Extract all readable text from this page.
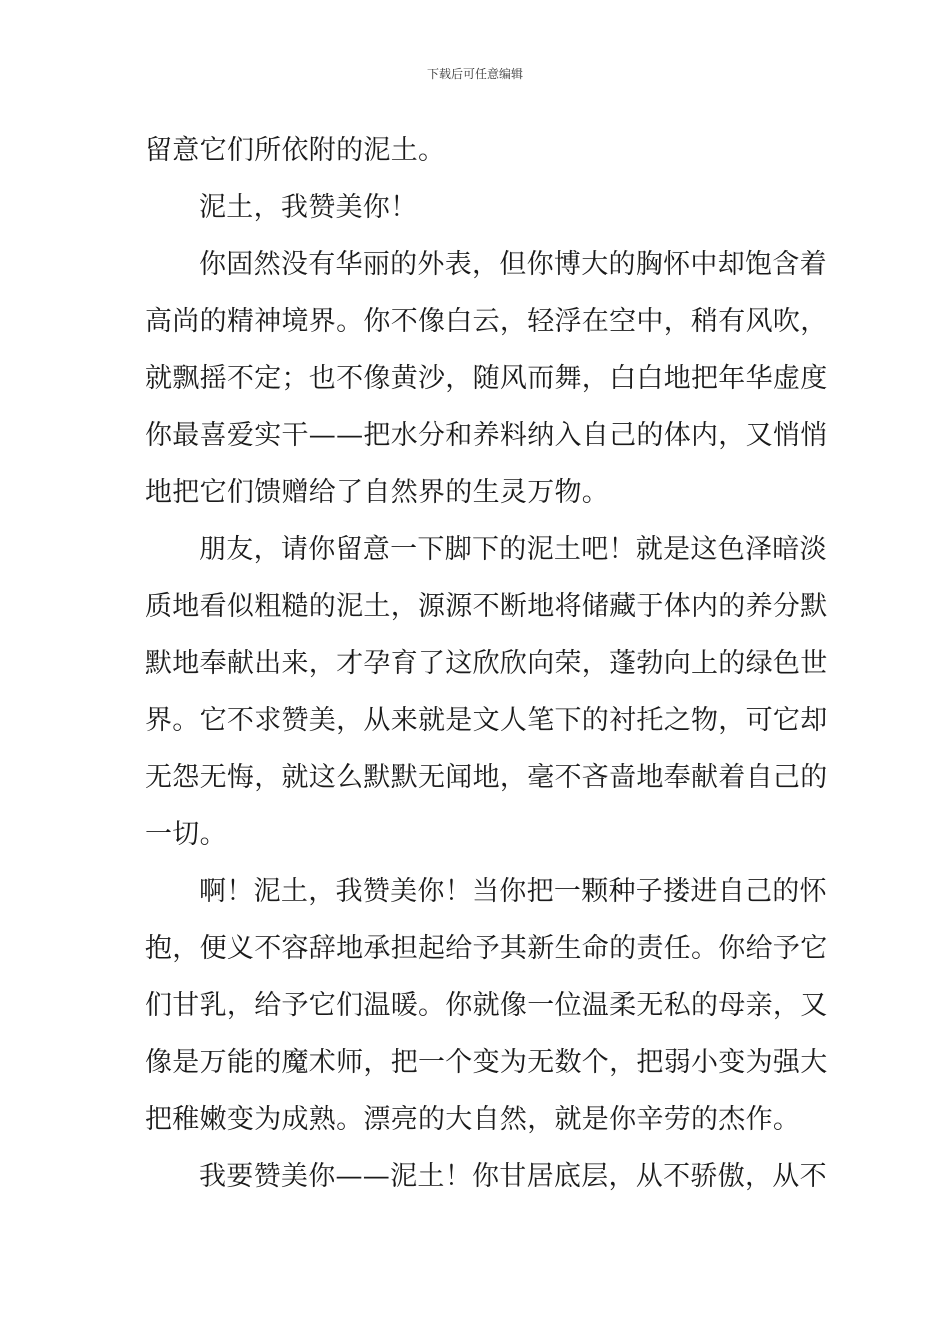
下载后可任意编辑
留意它们所依附的泥土。
泥土，我赞美你！
你固然没有华丽的外表，但你博大的胸怀中却饱含着
高尚的精神境界。你不像白云，轻浮在空中，稍有风吹，
就飘摇不定；也不像黄沙，随风而舞，白白地把年华虚度
你最喜爱实干——把水分和养料纳入自己的体内，又悄悄
地把它们馈赠给了自然界的生灵万物。
朋友，请你留意一下脚下的泥土吧！就是这色泽暗淡
质地看似粗糙的泥土，源源不断地将储藏于体内的养分默
默地奉献出来，才孕育了这欣欣向荣，蓬勃向上的绿色世
界。它不求赞美，从来就是文人笔下的衬托之物，可它却
无怨无悔，就这么默默无闻地，毫不吝啬地奉献着自己的
一切。
啊！泥土，我赞美你！当你把一颗种子搂进自己的怀
抱，便义不容辞地承担起给予其新生命的责任。你给予它
们甘乳，给予它们温暖。你就像一位温柔无私的母亲，又
像是万能的魔术师，把一个变为无数个，把弱小变为强大
把稚嫩变为成熟。漂亮的大自然，就是你辛劳的杰作。
我要赞美你——泥土！你甘居底层，从不骄傲，从不
